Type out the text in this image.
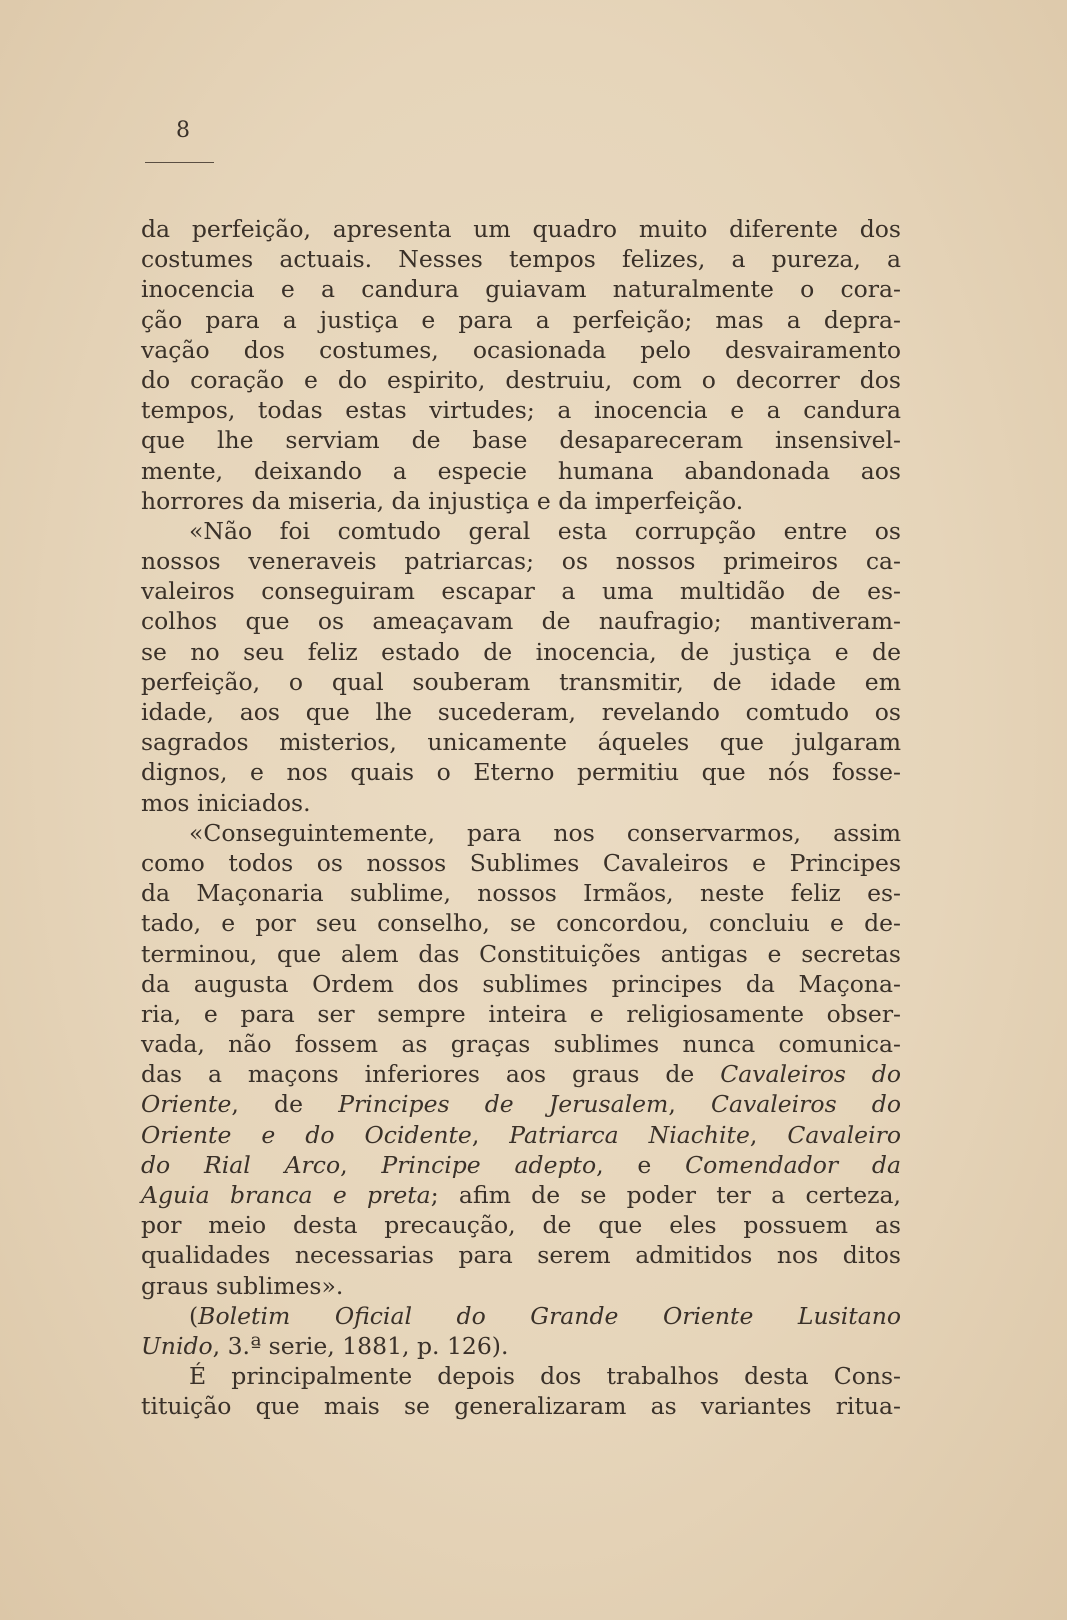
8
da perfeição, apresenta um quadro muito diferente dos
costumes actuais. Nesses tempos felizes, a pureza, a
inocencia e a candura guiavam naturalmente o cora-
ção para a justiça e para a perfeição; mas a depra-
vação dos costumes, ocasionada pelo desvairamento
do coração e do espirito, destruiu, com o decorrer dos
tempos, todas estas virtudes; a inocencia e a candura
que lhe serviam de base desapareceram insensivel-
mente, deixando a especie humana abandonada aos
horrores da miseria, da injustiça e da imperfeição.
«Não foi comtudo geral esta corrupção entre os
nossos veneraveis patriarcas; os nossos primeiros ca-
valeiros conseguiram escapar a uma multidão de es-
colhos que os ameaçavam de naufragio; mantiveram-
se no seu feliz estado de inocencia, de justiça e de
perfeição, o qual souberam transmitir, de idade em
idade, aos que lhe sucederam, revelando comtudo os
sagrados misterios, unicamente áqueles que julgaram
dignos, e nos quais o Eterno permitiu que nós fosse-
mos iniciados.
«Conseguintemente, para nos conservarmos, assim
como todos os nossos Sublimes Cavaleiros e Principes
da Maçonaria sublime, nossos Irmãos, neste feliz es-
tado, e por seu conselho, se concordou, concluiu e de-
terminou, que alem das Constituições antigas e secretas
da augusta Ordem dos sublimes principes da Maçona-
ria, e para ser sempre inteira e religiosamente obser-
vada, não fossem as graças sublimes nunca comunica-
das a maçons inferiores aos graus de Cavaleiros do
Oriente, de Principes de Jerusalem, Cavaleiros do
Oriente e do Ocidente, Patriarca Niachite, Cavaleiro
do Rial Arco, Principe adepto, e Comendador da
Aguia branca e preta; afim de se poder ter a certeza,
por meio desta precaução, de que eles possuem as
qualidades necessarias para serem admitidos nos ditos
graus sublimes».
(Boletim Oficial do Grande Oriente Lusitano
Unido, 3.ª serie, 1881, p. 126).
É principalmente depois dos trabalhos desta Cons-
tituição que mais se generalizaram as variantes ritua-
